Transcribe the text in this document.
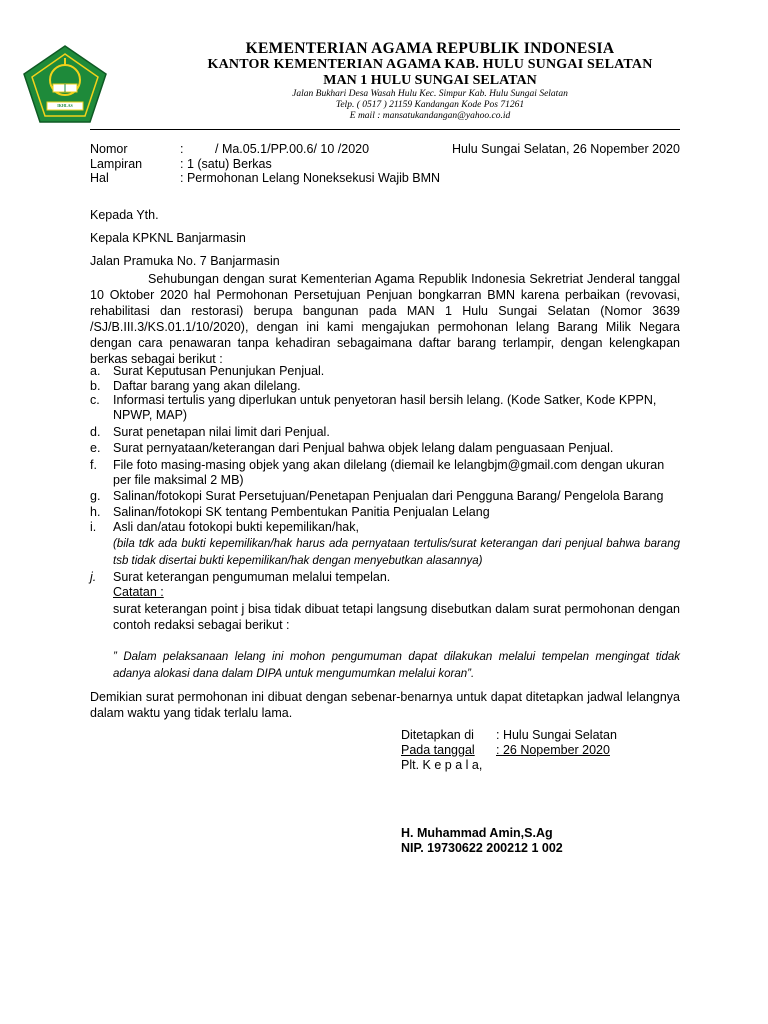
IKHLAS BERAMAL
KEMENTERIAN AGAMA REPUBLIK INDONESIA
KANTOR KEMENTERIAN AGAMA KAB. HULU SUNGAI SELATAN
MAN 1 HULU SUNGAI SELATAN
Jalan Bukhari Desa Wasah Hulu Kec. Simpur Kab. Hulu Sungai Selatan
Telp. ( 0517 ) 21159 Kandangan Kode Pos 71261
E mail : mansatukandangan@yahoo.co.id
Nomor	:	/ Ma.05.1/PP.00.6/ 10 /2020	Hulu Sungai Selatan, 26 Nopember 2020
Lampiran	: 1 (satu) Berkas
Hal	: Permohonan Lelang Noneksekusi Wajib BMN
Kepada Yth.
Kepala KPKNL Banjarmasin
Jalan Pramuka No. 7 Banjarmasin
Sehubungan dengan surat Kementerian Agama Republik Indonesia Sekretriat Jenderal tanggal 10 Oktober 2020 hal Permohonan Persetujuan Penjuan bongkarran BMN karena perbaikan (revovasi, rehabilitasi dan restorasi) berupa bangunan pada MAN 1 Hulu Sungai Selatan (Nomor 3639 /SJ/B.III.3/KS.01.1/10/2020), dengan ini kami mengajukan permohonan lelang Barang Milik Negara dengan cara penawaran tanpa kehadiran sebagaimana daftar barang terlampir, dengan kelengkapan berkas sebagai berikut :
a. Surat Keputusan Penunjukan Penjual.
b. Daftar barang yang akan dilelang.
c. Informasi tertulis yang diperlukan untuk penyetoran hasil bersih lelang. (Kode Satker, Kode KPPN, NPWP, MAP)
d. Surat penetapan nilai limit dari Penjual.
e. Surat pernyataan/keterangan dari Penjual bahwa objek lelang dalam penguasaan Penjual.
f. File foto masing-masing objek yang akan dilelang (diemail ke lelangbjm@gmail.com dengan ukuran per file maksimal 2 MB)
g. Salinan/fotokopi Surat Persetujuan/Penetapan Penjualan dari Pengguna Barang/ Pengelola Barang
h. Salinan/fotokopi SK tentang Pembentukan Panitia Penjualan Lelang
i. Asli dan/atau fotokopi bukti kepemilikan/hak,
(bila tdk ada bukti kepemilikan/hak harus ada pernyataan tertulis/surat keterangan dari penjual bahwa barang tsb tidak disertai bukti kepemilikan/hak dengan menyebutkan alasannya)
j. Surat keterangan pengumuman melalui tempelan.
Catatan :
surat keterangan point j bisa tidak dibuat tetapi langsung disebutkan dalam surat permohonan dengan contoh redaksi sebagai berikut :
” Dalam pelaksanaan lelang ini mohon pengumuman dapat dilakukan melalui tempelan mengingat tidak adanya alokasi dana dalam DIPA untuk mengumumkan melalui koran”.
Demikian surat permohonan ini dibuat dengan sebenar-benarnya untuk dapat ditetapkan jadwal lelangnya dalam waktu yang tidak terlalu lama.
Ditetapkan di : Hulu Sungai Selatan
Pada tanggal	: 26 Nopember 2020
Plt. K e p a l a,
H. Muhammad Amin,S.Ag
NIP. 19730622 200212 1 002
